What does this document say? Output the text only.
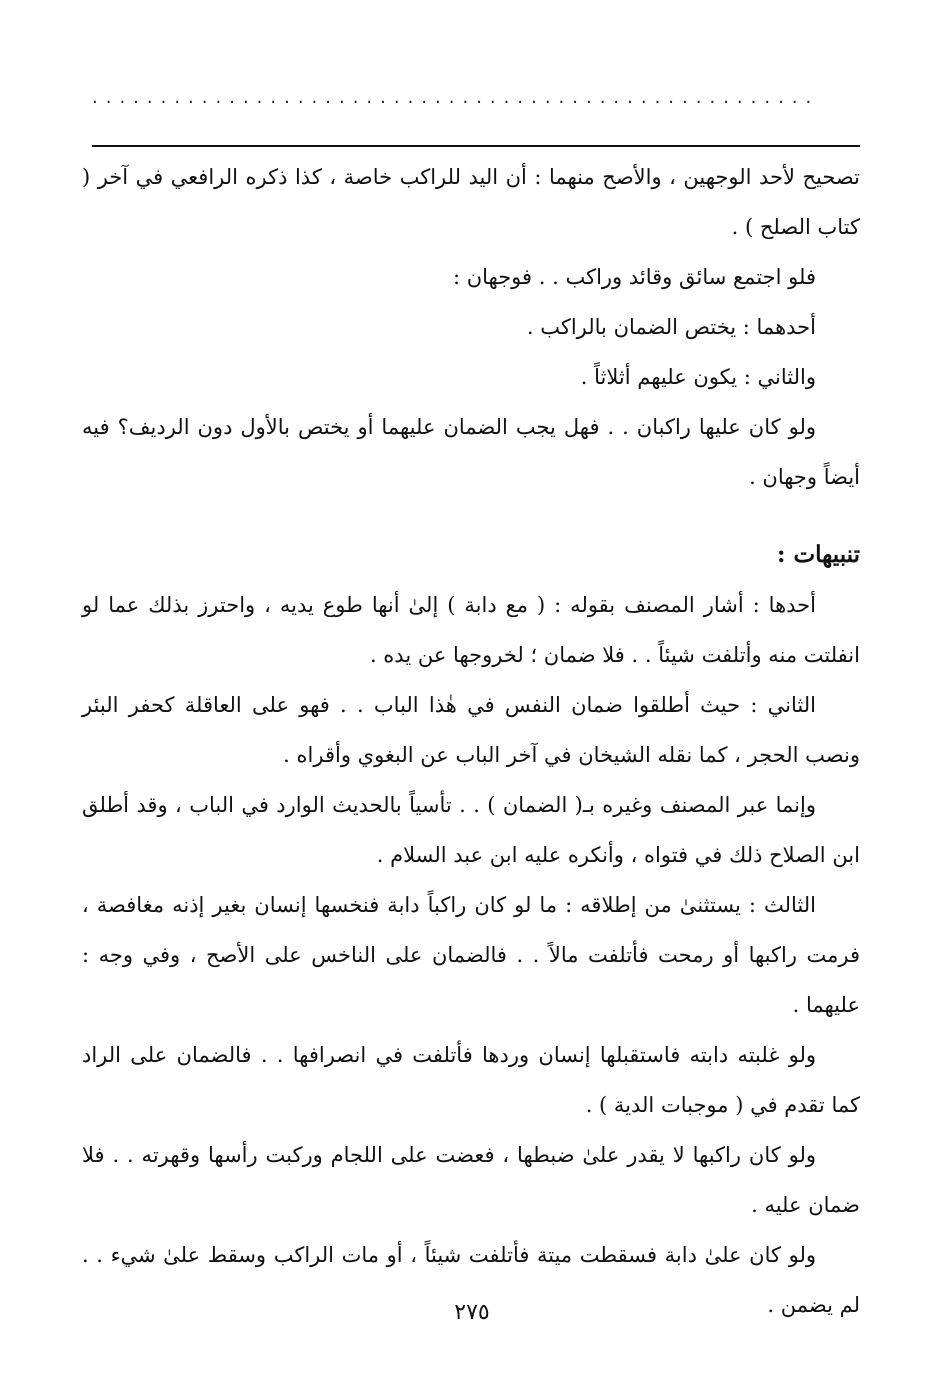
.....................................................

تصحيح لأحد الوجهين ، والأصح منهما : أن اليد للراكب خاصة ، كذا ذكره الرافعي في آخر ( كتاب الصلح ) .

فلو اجتمع سائق وقائد وراكب . . فوجهان :

أحدهما : يختص الضمان بالراكب .

والثاني : يكون عليهم أثلاثاً .

ولو كان عليها راكبان . . فهل يجب الضمان عليهما أو يختص بالأول دون الرديف؟ فيه أيضاً وجهان .

تنبيهات :

أحدها : أشار المصنف بقوله : ( مع دابة ) إلىٰ أنها طوع يديه ، واحترز بذلك عما لو انفلتت منه وأتلفت شيئاً . . فلا ضمان ؛ لخروجها عن يده .

الثاني : حيث أطلقوا ضمان النفس في هٰذا الباب . . فهو على العاقلة كحفر البئر ونصب الحجر ، كما نقله الشيخان في آخر الباب عن البغوي وأقراه .

وإنما عبر المصنف وغيره بـ( الضمان ) . . تأسياً بالحديث الوارد في الباب ، وقد أطلق ابن الصلاح ذلك في فتواه ، وأنكره عليه ابن عبد السلام .

الثالث : يستثنىٰ من إطلاقه : ما لو كان راكباً دابة فنخسها إنسان بغير إذنه مغافصة ، فرمت راكبها أو رمحت فأتلفت مالاً . . فالضمان على الناخس على الأصح ، وفي وجه : عليهما .

ولو غلبته دابته فاستقبلها إنسان وردها فأتلفت في انصرافها . . فالضمان على الراد كما تقدم في ( موجبات الدية ) .

ولو كان راكبها لا يقدر علىٰ ضبطها ، فعضت على اللجام وركبت رأسها وقهرته . . فلا ضمان عليه .

ولو كان علىٰ دابة فسقطت ميتة فأتلفت شيئاً ، أو مات الراكب وسقط علىٰ شيء . . لم يضمن .

٢٧٥
